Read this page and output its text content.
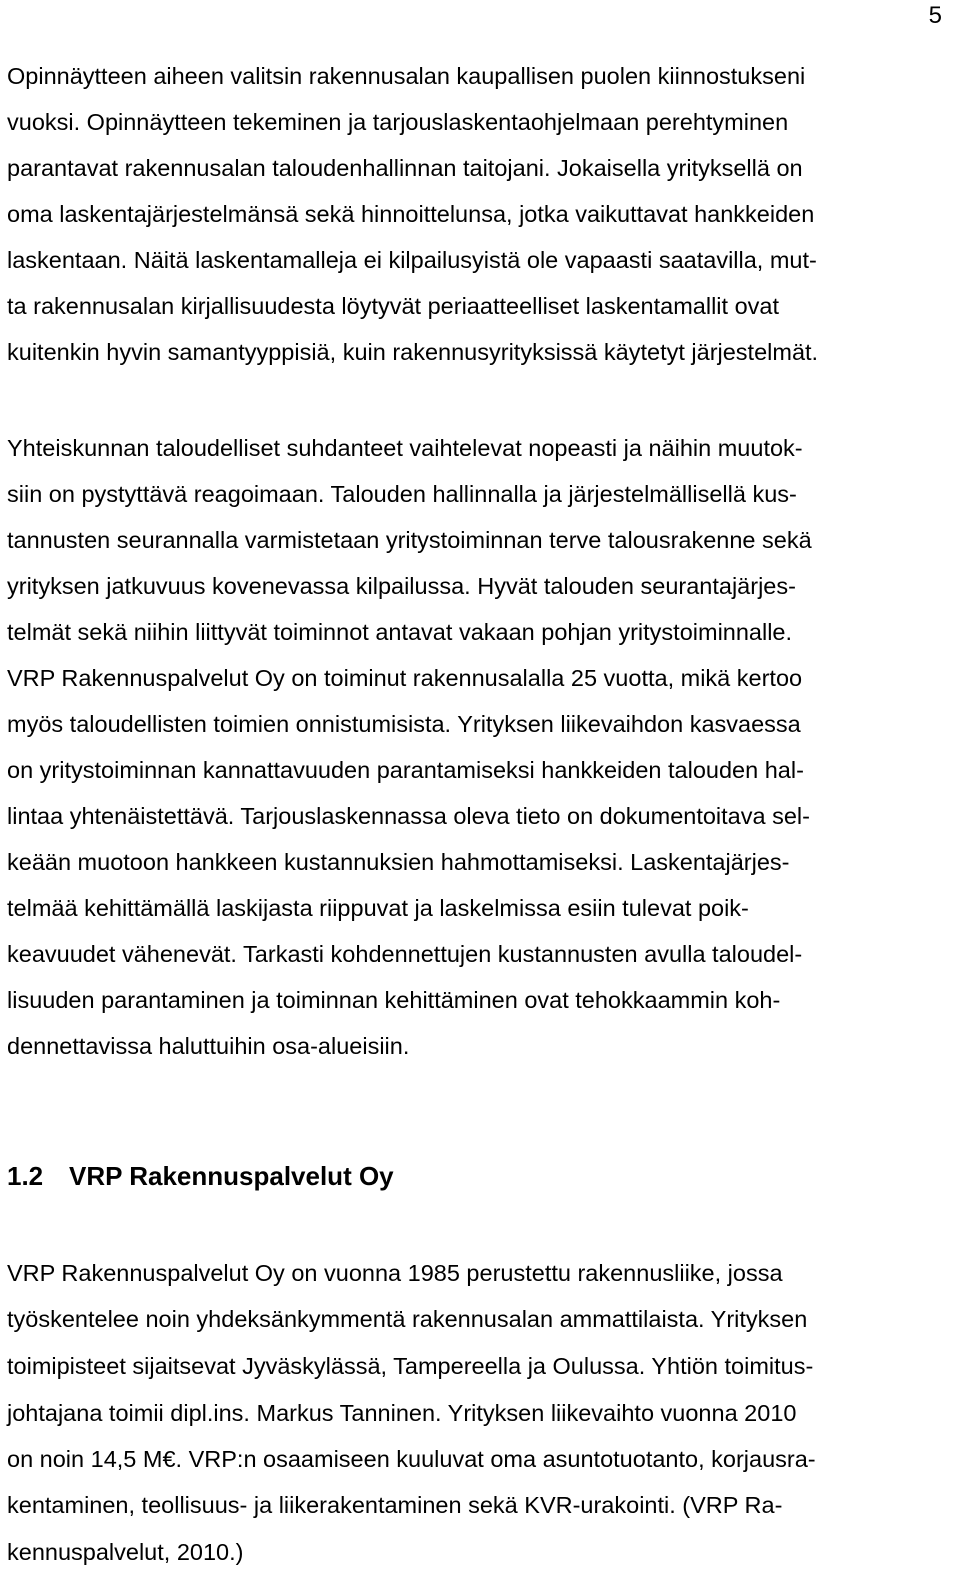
5
Opinnäytteen aiheen valitsin rakennusalan kaupallisen puolen kiinnostukseni
vuoksi. Opinnäytteen tekeminen ja tarjouslaskentaohjelmaan perehtyminen
parantavat rakennusalan taloudenhallinnan taitojani. Jokaisella yrityksellä on
oma laskentajärjestelmänsä sekä hinnoittelunsa, jotka vaikuttavat hankkeiden
laskentaan. Näitä laskentamalleja ei kilpailusyistä ole vapaasti saatavilla, mut-
ta rakennusalan kirjallisuudesta löytyvät periaatteelliset laskentamallit ovat
kuitenkin hyvin samantyyppisiä, kuin rakennusyrityksissä käytetyt järjestelmät.
Yhteiskunnan taloudelliset suhdanteet vaihtelevat nopeasti ja näihin muutok-
siin on pystyttävä reagoimaan. Talouden hallinnalla ja järjestelmällisellä kus-
tannusten seurannalla varmistetaan yritystoiminnan terve talousrakenne sekä
yrityksen jatkuvuus kovenevassa kilpailussa. Hyvät talouden seurantajärjes-
telmät sekä niihin liittyvät toiminnot antavat vakaan pohjan yritystoiminnalle.
VRP Rakennuspalvelut Oy on toiminut rakennusalalla 25 vuotta, mikä kertoo
myös taloudellisten toimien onnistumisista. Yrityksen liikevaihdon kasvaessa
on yritystoiminnan kannattavuuden parantamiseksi hankkeiden talouden hal-
lintaa yhtenäistettävä. Tarjouslaskennassa oleva tieto on dokumentoitava sel-
keään muotoon hankkeen kustannuksien hahmottamiseksi. Laskentajärjes-
telmää kehittämällä laskijasta riippuvat ja laskelmissa esiin tulevat poik-
keavuudet vähenevät. Tarkasti kohdennettujen kustannusten avulla taloudel-
lisuuden parantaminen ja toiminnan kehittäminen ovat tehokkaammin koh-
dennettavissa haluttuihin osa-alueisiin.
1.2 VRP Rakennuspalvelut Oy
VRP Rakennuspalvelut Oy on vuonna 1985 perustettu rakennusliike, jossa
työskentelee noin yhdeksänkymmentä rakennusalan ammattilaista. Yrityksen
toimipisteet sijaitsevat Jyväskylässä, Tampereella ja Oulussa. Yhtiön toimitus-
johtajana toimii dipl.ins. Markus Tanninen. Yrityksen liikevaihto vuonna 2010
on noin 14,5 M€. VRP:n osaamiseen kuuluvat oma asuntotuotanto, korjausra-
kentaminen, teollisuus- ja liikerakentaminen sekä KVR-urakointi. (VRP Ra-
kennuspalvelut, 2010.)
